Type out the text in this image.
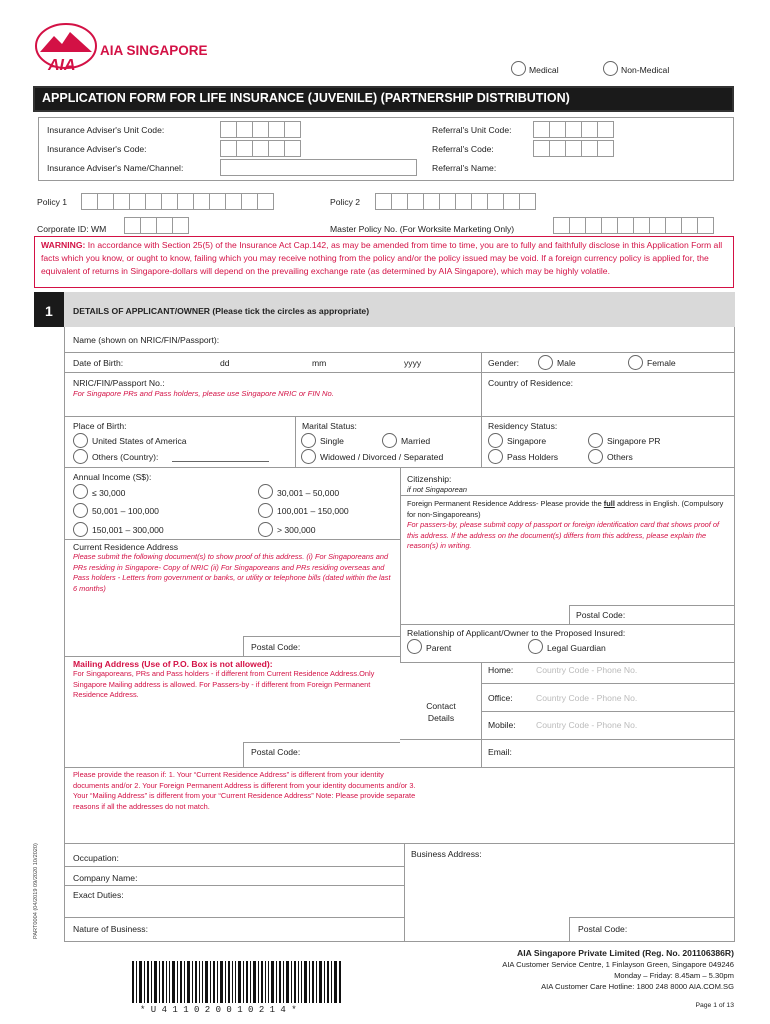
AIA
AIA SINGAPORE
Medical	Non-Medical
APPLICATION FORM FOR LIFE INSURANCE (JUVENILE) (PARTNERSHIP DISTRIBUTION)
Insurance Adviser's Unit Code:
Insurance Adviser's Code:
Insurance Adviser's Name/Channel:
Referral's Unit Code:
Referral's Code:
Referral's Name:
Policy 1	Policy 2
Corporate ID: WM	Master Policy No. (For Worksite Marketing Only)
WARNING: In accordance with Section 25(5) of the Insurance Act Cap.142, as may be amended from time to time, you are to fully and faithfully disclose in this Application Form all facts which you know, or ought to know, failing which you may receive nothing from the policy and/or the policy issued may be void. If a foreign currency policy is applied for, the equivalent of returns in Singapore-dollars will depend on the prevailing exchange rate (as determined by AIA Singapore), which may be highly volatile.
1 DETAILS OF APPLICANT/OWNER (Please tick the circles as appropriate)
Name (shown on NRIC/FIN/Passport):
Date of Birth:	dd	mm	yyyy	Gender:	Male	Female
NRIC/FIN/Passport No.:
For Singapore PRs and Pass holders, please use Singapore NRIC or FIN No.
Country of Residence:
Place of Birth:
United States of America
Others (Country):
Marital Status:
Single	Married
Widowed / Divorced / Separated
Residency Status:
Singapore	Singapore PR
Pass Holders	Others
Annual Income (S$):
≤ 30,000	30,001 – 50,000
50,001 – 100,000	100,001 – 150,000
150,001 – 300,000	> 300,000
Citizenship:
if not Singaporean
Foreign Permanent Residence Address- Please provide the full address in English. (Compulsory for non-Singaporeans)
For passers-by, please submit copy of passport or foreign identification card that shows proof of this address. If the address on the document(s) differs from this address, please explain the reason(s) in writing.
Current Residence Address
Please submit the following document(s) to show proof of this address. (i) For Singaporeans and PRs residing in Singapore- Copy of NRIC (ii) For Singaporeans and PRs residing overseas and Pass holders - Letters from government or banks, or utility or telephone bills (dated within the last 6 months)
Postal Code:
Relationship of Applicant/Owner to the Proposed Insured:
Parent	Legal Guardian
Postal Code:
Mailing Address (Use of P.O. Box is not allowed):
For Singaporeans, PRs and Pass holders - if different from Current Residence Address.Only Singapore Mailing address is allowed. For Passers-by - if different from Foreign Permanent Residence Address.
Contact Details
Home:	Country Code - Phone No.
Office:	Country Code - Phone No.
Mobile: Country Code - Phone No.
Postal Code:	Email:
Please provide the reason if: 1. Your “Current Residence Address” is different from your identity documents and/or 2. Your Foreign Permanent Address is different from your identity documents and/or 3. Your “Mailing Address” is different from your “Current Residence Address” Note: Please provide separate reasons if all the addresses do not match.
Occupation:	Business Address:
Company Name:
Exact Duties:
Nature of Business:	Postal Code:
PART0004 (04/2019 09/2020 10/2020)
* U 4 1 1 0 2 0 0 1 0 2 1 4 *
AIA Singapore Private Limited (Reg. No. 201106386R)
AIA Customer Service Centre, 1 Finlayson Green, Singapore 049246
Monday – Friday: 8.45am – 5.30pm
AIA Customer Care Hotline: 1800 248 8000 AIA.COM.SG
Page 1 of 13
